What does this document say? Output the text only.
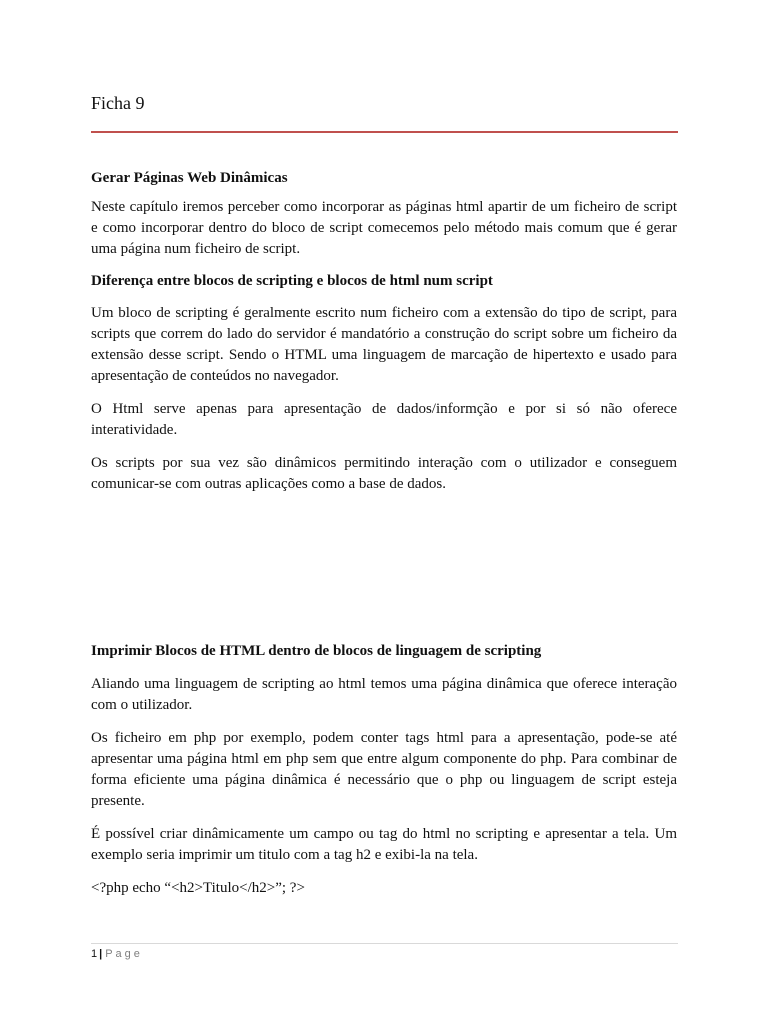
Ficha 9

Gerar Páginas Web Dinâmicas

Neste capítulo iremos perceber como incorporar as páginas html apartir de um ficheiro de script e como incorporar dentro do bloco de script comecemos pelo método mais comum que é gerar uma página num ficheiro de script.

Diferença entre blocos de scripting e blocos de html num script

Um bloco de scripting é geralmente escrito num ficheiro com a extensão do tipo de script, para scripts que correm do lado do servidor é mandatório a construção do script sobre um ficheiro da extensão desse script. Sendo o HTML uma linguagem de marcação de hipertexto e usado para apresentação de conteúdos no navegador.

O Html serve apenas para apresentação de dados/informção e por si só não oferece interatividade.

Os scripts por sua vez são dinâmicos permitindo interação com o utilizador e conseguem comunicar-se com outras aplicações como a base de dados.

Imprimir Blocos de HTML dentro de blocos de linguagem de scripting

Aliando uma linguagem de scripting ao html temos uma página dinâmica que oferece interação com o utilizador.

Os ficheiro em php por exemplo, podem conter tags html para a apresentação, pode-se até apresentar uma página html em php sem que entre algum componente do php. Para combinar de forma eficiente uma página dinâmica é necessário que o php ou linguagem de script esteja presente.

É possível criar dinâmicamente um campo ou tag do html no scripting e apresentar a tela. Um exemplo seria imprimir um titulo com a tag h2 e exibi-la na tela.

<?php echo “<h2>Titulo</h2>”; ?>

1 | Page
